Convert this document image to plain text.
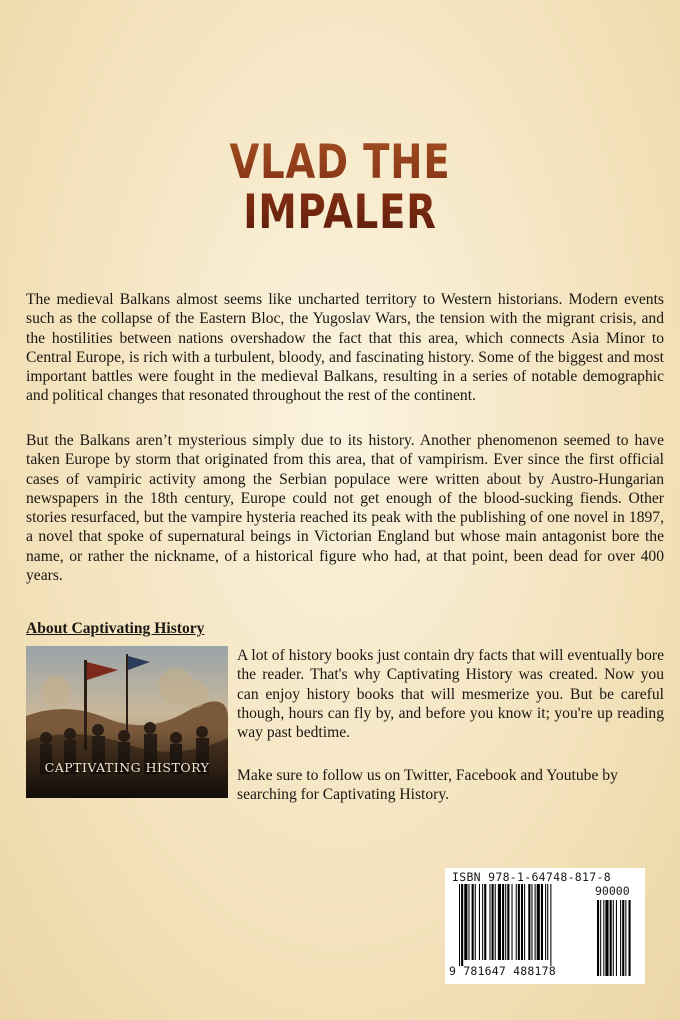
VLAD THE
IMPALER

The medieval Balkans almost seems like uncharted territory to Western historians. Modern events such as the collapse of the Eastern Bloc, the Yugoslav Wars, the tension with the migrant crisis, and the hostilities between nations overshadow the fact that this area, which connects Asia Minor to Central Europe, is rich with a turbulent, bloody, and fascinating history. Some of the biggest and most important battles were fought in the medieval Balkans, resulting in a series of notable demographic and political changes that resonated throughout the rest of the continent.

But the Balkans aren’t mysterious simply due to its history. Another phenomenon seemed to have taken Europe by storm that originated from this area, that of vampirism. Ever since the first official cases of vampiric activity among the Serbian populace were written about by Austro-Hungarian newspapers in the 18th century, Europe could not get enough of the blood-sucking fiends. Other stories resurfaced, but the vampire hysteria reached its peak with the publishing of one novel in 1897, a novel that spoke of supernatural beings in Victorian England but whose main antagonist bore the name, or rather the nickname, of a historical figure who had, at that point, been dead for over 400 years.

About Captivating History
CAPTIVATING HISTORY

A lot of history books just contain dry facts that will eventually bore the reader. That's why Captivating History was created. Now you can enjoy history books that will mesmerize you. But be careful though, hours can fly by, and before you know it; you're up reading way past bedtime.

Make sure to follow us on Twitter, Facebook and Youtube by searching for Captivating History.

ISBN 978-1-64748-817-8
90000
9 781647 488178
